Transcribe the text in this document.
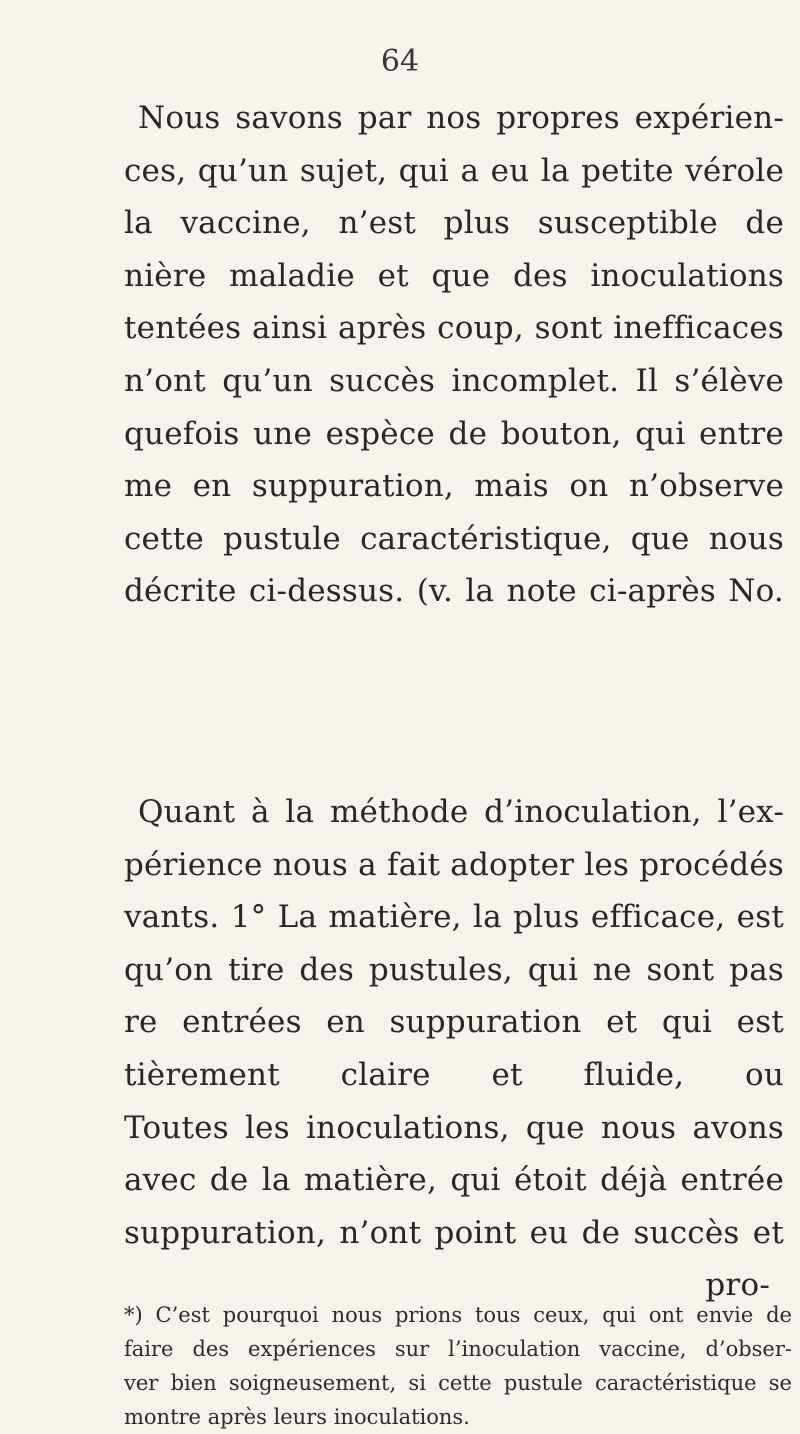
64
Nous savons par nos propres expérien-
ces, qu’un sujet, qui a eu la petite vérole
la vaccine, n’est plus susceptible de
nière maladie et que des inoculations
tentées ainsi après coup, sont inefficaces
n’ont qu’un succès incomplet. Il s’élève
quefois une espèce de bouton, qui entre
me en suppuration, mais on n’observe
cette pustule caractéristique, que nous
décrite ci-dessus. (v. la note ci-après No.
Quant à la méthode d’inoculation, l’ex-
périence nous a fait adopter les procédés
vants. 1° La matière, la plus efficace, est
qu’on tire des pustules, qui ne sont pas
re entrées en suppuration et qui est
tièrement claire et fluide, ou
Toutes les inoculations, que nous avons
avec de la matière, qui étoit déjà entrée
suppuration, n’ont point eu de succès et
pro-
*) C’est pourquoi nous prions tous ceux, qui ont envie de
faire des expériences sur l’inoculation vaccine, d’obser-
ver bien soigneusement, si cette pustule caractéristique se
montre après leurs inoculations.
